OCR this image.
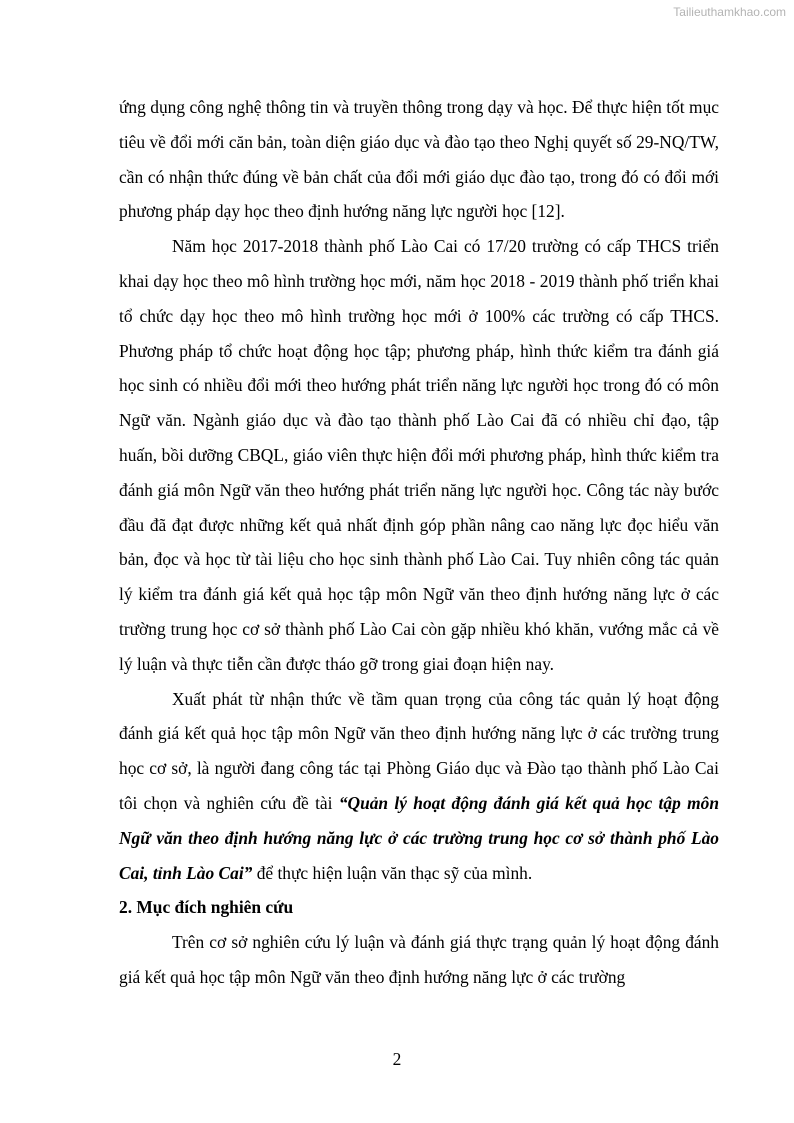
Tailieuthamkhao.com

ứng dụng công nghệ thông tin và truyền thông trong dạy và học. Để thực hiện tốt mục tiêu về đổi mới căn bản, toàn diện giáo dục và đào tạo theo Nghị quyết số 29-NQ/TW, cần có nhận thức đúng về bản chất của đổi mới giáo dục đào tạo, trong đó có đổi mới phương pháp dạy học theo định hướng năng lực người học [12].

Năm học 2017-2018 thành phố Lào Cai có 17/20 trường có cấp THCS triển khai dạy học theo mô hình trường học mới, năm học 2018 - 2019 thành phố triển khai tổ chức dạy học theo mô hình trường học mới ở 100% các trường có cấp THCS. Phương pháp tổ chức hoạt động học tập; phương pháp, hình thức kiểm tra đánh giá học sinh có nhiều đổi mới theo hướng phát triển năng lực người học trong đó có môn Ngữ văn. Ngành giáo dục và đào tạo thành phố Lào Cai đã có nhiều chỉ đạo, tập huấn, bồi dưỡng CBQL, giáo viên thực hiện đổi mới phương pháp, hình thức kiểm tra đánh giá môn Ngữ văn theo hướng phát triển năng lực người học. Công tác này bước đầu đã đạt được những kết quả nhất định góp phần nâng cao năng lực đọc hiểu văn bản, đọc và học từ tài liệu cho học sinh thành phố Lào Cai. Tuy nhiên công tác quản lý kiểm tra đánh giá kết quả học tập môn Ngữ văn theo định hướng năng lực ở các trường trung học cơ sở thành phố Lào Cai còn gặp nhiều khó khăn, vướng mắc cả về lý luận và thực tiễn cần được tháo gỡ trong giai đoạn hiện nay.

Xuất phát từ nhận thức về tầm quan trọng của công tác quản lý hoạt động đánh giá kết quả học tập môn Ngữ văn theo định hướng năng lực ở các trường trung học cơ sở, là người đang công tác tại Phòng Giáo dục và Đào tạo thành phố Lào Cai tôi chọn và nghiên cứu đề tài “Quản lý hoạt động đánh giá kết quả học tập môn Ngữ văn theo định hướng năng lực ở các trường trung học cơ sở thành phố Lào Cai, tỉnh Lào Cai” để thực hiện luận văn thạc sỹ của mình.

2. Mục đích nghiên cứu

Trên cơ sở nghiên cứu lý luận và đánh giá thực trạng quản lý hoạt động đánh giá kết quả học tập môn Ngữ văn theo định hướng năng lực ở các trường

2
